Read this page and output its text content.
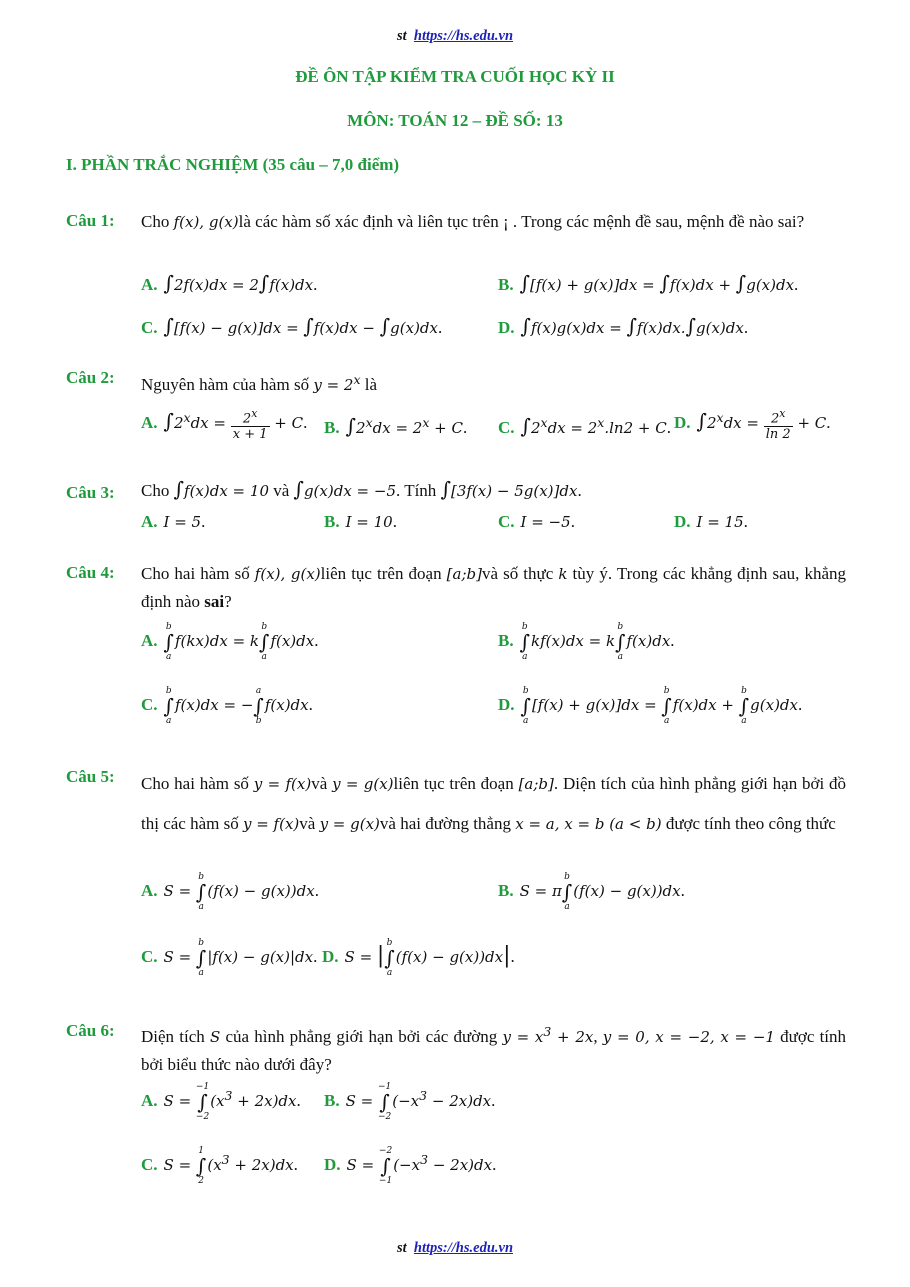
st https://hs.edu.vn
ĐỀ ÔN TẬP KIỂM TRA CUỐI HỌC KỲ II
MÔN: TOÁN 12 – ĐỀ SỐ: 13
I. PHẦN TRẮC NGHIỆM (35 câu – 7,0 điểm)
Câu 1: Cho f(x), g(x)là các hàm số xác định và liên tục trên ¡ . Trong các mệnh đề sau, mệnh đề nào sai?
A. ∫2f(x)dx = 2∫f(x)dx.	B. ∫[f(x) + g(x)]dx = ∫f(x)dx + ∫g(x)dx.
C. ∫[f(x) − g(x)]dx = ∫f(x)dx − ∫g(x)dx.	D. ∫f(x)g(x)dx = ∫f(x)dx.∫g(x)dx.
Câu 2: Nguyên hàm của hàm số $y = 2^x$ là
A. $\int 2^xdx = \frac{2^x}{x + 1} + C$. B. $\int 2^xdx = 2^x + C$. C. $\int 2^xdx = 2^x.\ln 2 + C$. D. $\int 2^xdx = \frac{2^x}{\ln 2} + C$.
Câu 3: Cho ∫f(x)dx = 10 và ∫g(x)dx = −5. Tính ∫[3f(x) − 5g(x)]dx.
A. I = 5.	B. I = 10.	C. I = −5.	D. I = 15.
Câu 4: Cho hai hàm số f(x), g(x)liên tục trên đoạn [a;b]và số thực k tùy ý. Trong các khẳng định sau, khẳng định nào sai?
A.b
∫
af(kx)dx = kb
∫
af(x)dx.	B.b
∫
akf(x)dx = kb
∫
af(x)dx.
C.b
∫
af(x)dx = −a
∫
bf(x)dx.	D.b
∫
a[f(x) + g(x)]dx = b
∫
af(x)dx + b
∫
ag(x)dx.
Câu 5: Cho hai hàm số y = f(x)và y = g(x)liên tục trên đoạn [a;b]. Diện tích của hình phẳng giới hạn bởi đồ thị các hàm số y = f(x)và y = g(x)và hai đường thẳng x = a, x = b (a < b) được tính theo công thức
A. S = b
∫
a(f(x) − g(x))dx.	B. S = πb
∫
a(f(x) − g(x))dx.
C. S = b
∫
a|f(x) − g(x)|dx. D. S = | b
∫
a(f(x) − g(x))dx|.
Câu 6: Diện tích S của hình phẳng giới hạn bởi các đường $y = x^3 + 2x$, y = 0, x = −2, x = −1 được tính bởi biểu thức nào dưới đây?
A. S = −1
∫
$-2(x^3 + 2x)dx$. B. S = −1
∫
$-2(-x^3 - 2x)dx$.
C. S = 1
∫
$2(x^3 + 2x)dx$. D. S = −2
∫
$-1(-x^3 - 2x)dx$.
st https://hs.edu.vn
